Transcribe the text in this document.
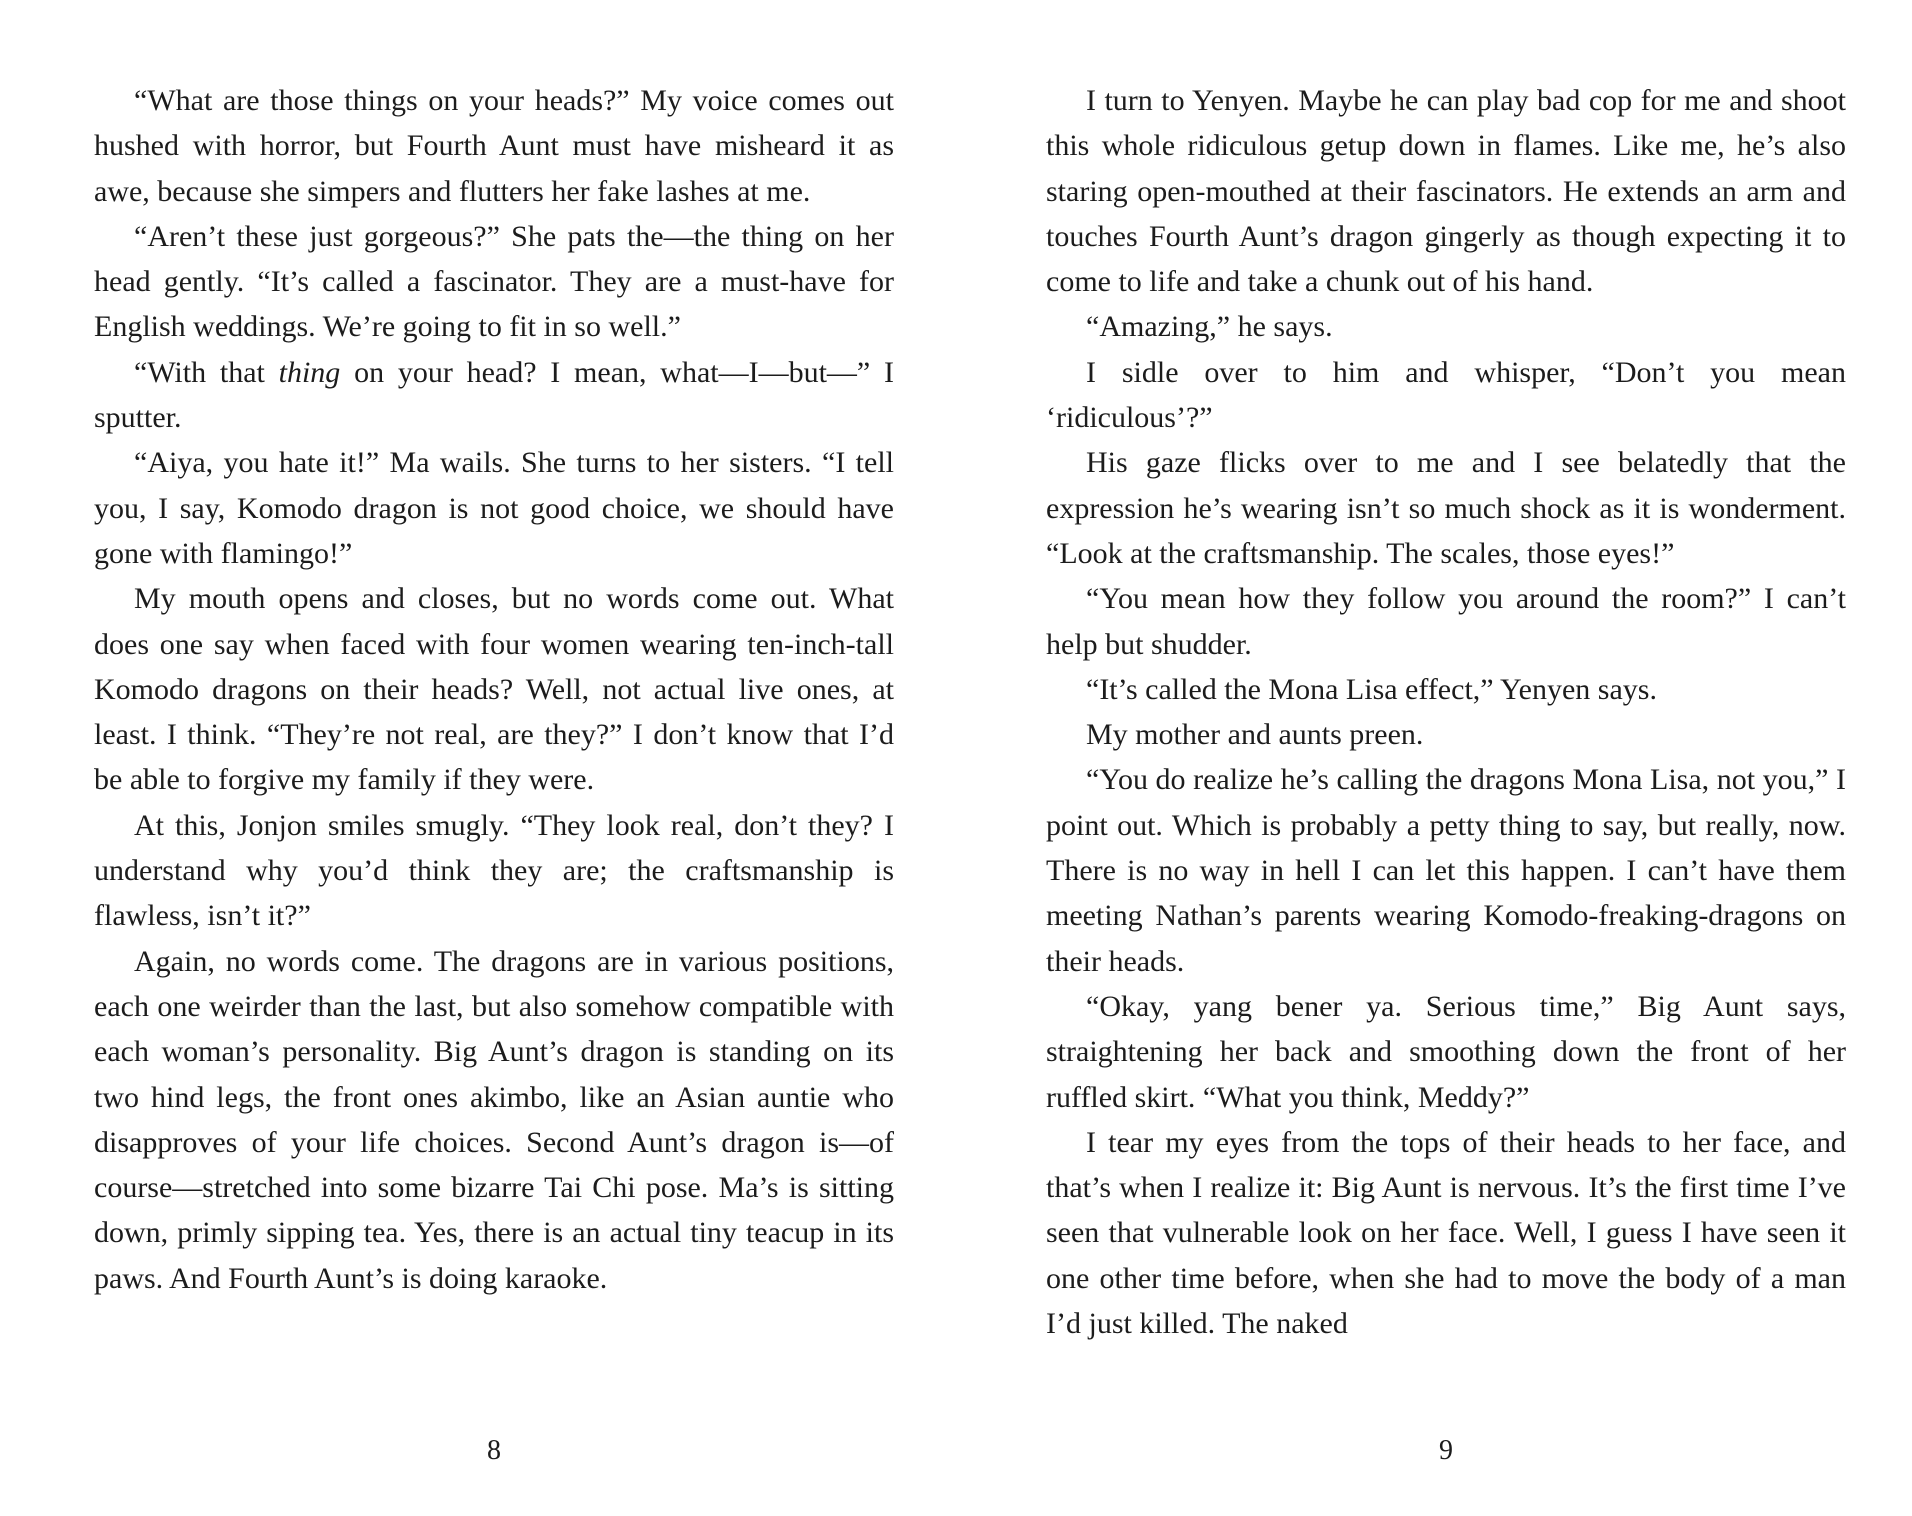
“What are those things on your heads?” My voice comes out hushed with horror, but Fourth Aunt must have misheard it as awe, because she simpers and flutters her fake lashes at me.

“Aren’t these just gorgeous?” She pats the—the thing on her head gently. “It’s called a fascinator. They are a must-have for English weddings. We’re going to fit in so well.”

“With that thing on your head? I mean, what—I—but—” I sputter.

“Aiya, you hate it!” Ma wails. She turns to her sisters. “I tell you, I say, Komodo dragon is not good choice, we should have gone with flamingo!”

My mouth opens and closes, but no words come out. What does one say when faced with four women wearing ten-inch-tall Komodo dragons on their heads? Well, not actual live ones, at least. I think. “They’re not real, are they?” I don’t know that I’d be able to forgive my family if they were.

At this, Jonjon smiles smugly. “They look real, don’t they? I understand why you’d think they are; the craftsmanship is flawless, isn’t it?”

Again, no words come. The dragons are in various positions, each one weirder than the last, but also somehow compatible with each woman’s personality. Big Aunt’s dragon is standing on its two hind legs, the front ones akimbo, like an Asian auntie who disapproves of your life choices. Second Aunt’s dragon is—of course—stretched into some bizarre Tai Chi pose. Ma’s is sitting down, primly sipping tea. Yes, there is an actual tiny teacup in its paws. And Fourth Aunt’s is doing karaoke.

8

I turn to Yenyen. Maybe he can play bad cop for me and shoot this whole ridiculous getup down in flames. Like me, he’s also staring open-mouthed at their fascinators. He extends an arm and touches Fourth Aunt’s dragon gingerly as though expecting it to come to life and take a chunk out of his hand.

“Amazing,” he says.

I sidle over to him and whisper, “Don’t you mean ‘ridiculous’?”

His gaze flicks over to me and I see belatedly that the expression he’s wearing isn’t so much shock as it is wonderment. “Look at the craftsmanship. The scales, those eyes!”

“You mean how they follow you around the room?” I can’t help but shudder.

“It’s called the Mona Lisa effect,” Yenyen says.

My mother and aunts preen.

“You do realize he’s calling the dragons Mona Lisa, not you,” I point out. Which is probably a petty thing to say, but really, now. There is no way in hell I can let this happen. I can’t have them meeting Nathan’s parents wearing Komodo-freaking-dragons on their heads.

“Okay, yang bener ya. Serious time,” Big Aunt says, straightening her back and smoothing down the front of her ruffled skirt. “What you think, Meddy?”

I tear my eyes from the tops of their heads to her face, and that’s when I realize it: Big Aunt is nervous. It’s the first time I’ve seen that vulnerable look on her face. Well, I guess I have seen it one other time before, when she had to move the body of a man I’d just killed. The naked

9
